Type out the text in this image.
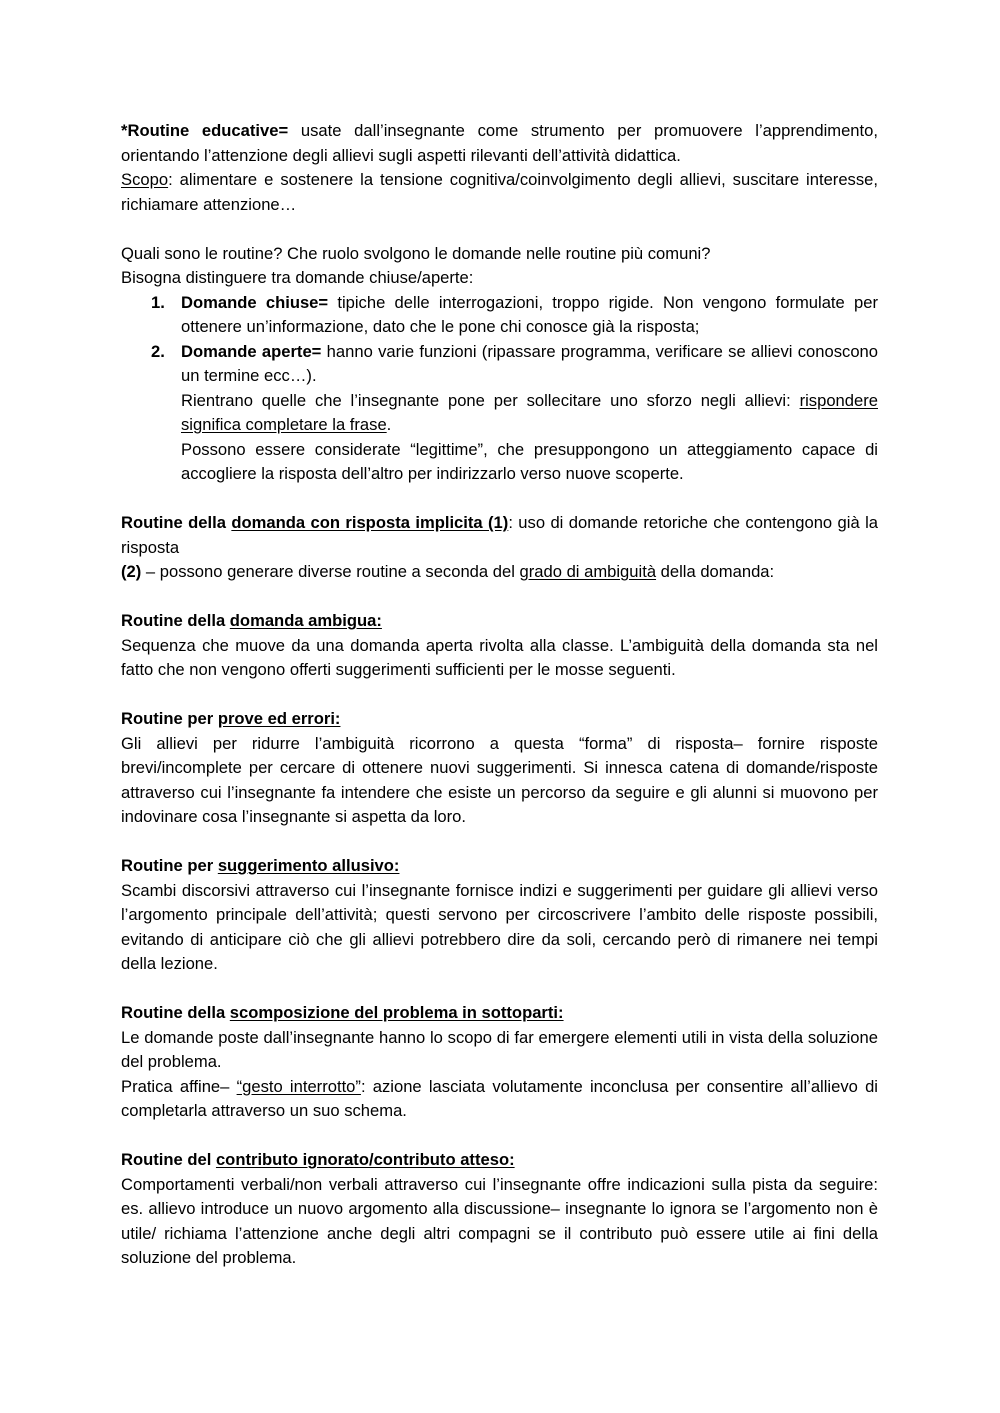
*Routine educative= usate dall’insegnante come strumento per promuovere l’apprendimento, orientando l’attenzione degli allievi sugli aspetti rilevanti dell’attività didattica.

Scopo: alimentare e sostenere la tensione cognitiva/coinvolgimento degli allievi, suscitare interesse, richiamare attenzione…

Quali sono le routine? Che ruolo svolgono le domande nelle routine più comuni?

Bisogna distinguere tra domande chiuse/aperte:

1. Domande chiuse= tipiche delle interrogazioni, troppo rigide. Non vengono formulate per ottenere un’informazione, dato che le pone chi conosce già la risposta;

2. Domande aperte= hanno varie funzioni (ripassare programma, verificare se allievi conoscono un termine ecc…).

Rientrano quelle che l’insegnante pone per sollecitare uno sforzo negli allievi: rispondere significa completare la frase.

Possono essere considerate “legittime”, che presuppongono un atteggiamento capace di accogliere la risposta dell’altro per indirizzarlo verso nuove scoperte.

Routine della domanda con risposta implicita (1): uso di domande retoriche che contengono già la risposta

(2) – possono generare diverse routine a seconda del grado di ambiguità della domanda:

Routine della domanda ambigua:

Sequenza che muove da una domanda aperta rivolta alla classe. L’ambiguità della domanda sta nel fatto che non vengono offerti suggerimenti sufficienti per le mosse seguenti.

Routine per prove ed errori:

Gli allievi per ridurre l’ambiguità ricorrono a questa “forma” di risposta– fornire risposte brevi/incomplete per cercare di ottenere nuovi suggerimenti. Si innesca catena di domande/risposte attraverso cui l’insegnante fa intendere che esiste un percorso da seguire e gli alunni si muovono per indovinare cosa l’insegnante si aspetta da loro.

Routine per suggerimento allusivo:

Scambi discorsivi attraverso cui l’insegnante fornisce indizi e suggerimenti per guidare gli allievi verso l’argomento principale dell’attività; questi servono per circoscrivere l’ambito delle risposte possibili, evitando di anticipare ciò che gli allievi potrebbero dire da soli, cercando però di rimanere nei tempi della lezione.

Routine della scomposizione del problema in sottoparti:

Le domande poste dall’insegnante hanno lo scopo di far emergere elementi utili in vista della soluzione del problema.

Pratica affine– “gesto interrotto”: azione lasciata volutamente inconclusa per consentire all’allievo di completarla attraverso un suo schema.

Routine del contributo ignorato/contributo atteso:

Comportamenti verbali/non verbali attraverso cui l’insegnante offre indicazioni sulla pista da seguire: es. allievo introduce un nuovo argomento alla discussione– insegnante lo ignora se l’argomento non è utile/ richiama l’attenzione anche degli altri compagni se il contributo può essere utile ai fini della soluzione del problema.
